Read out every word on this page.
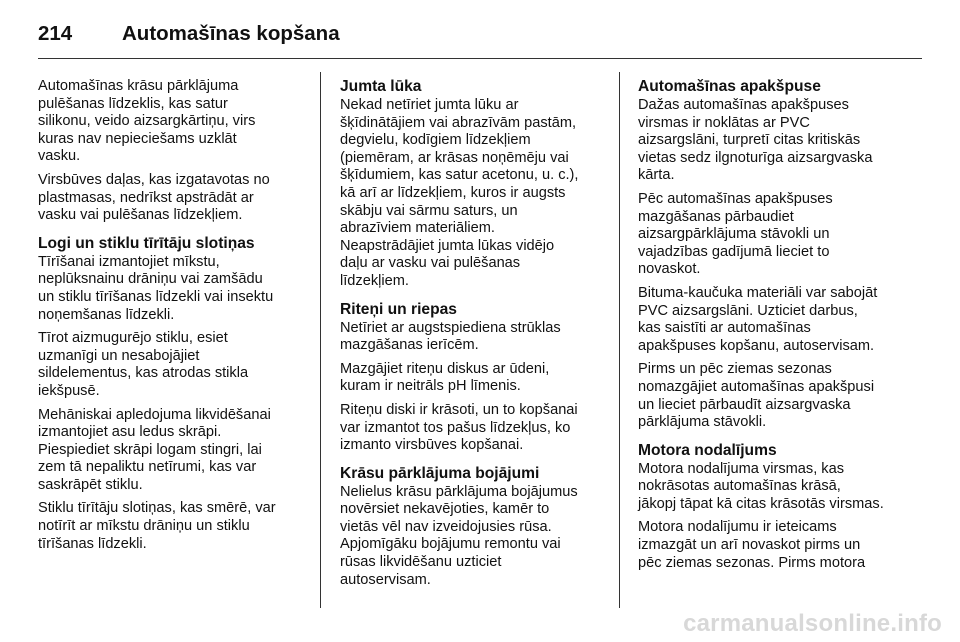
214	Automašīnas kopšana

Automašīnas krāsu pārklājuma
pulēšanas līdzeklis, kas satur
silikonu, veido aizsargkārtiņu, virs
kuras nav nepieciešams uzklāt
vasku.

Virsbūves daļas, kas izgatavotas no
plastmasas, nedrīkst apstrādāt ar
vasku vai pulēšanas līdzekļiem.

Logi un stiklu tīrītāju slotiņas

Tīrīšanai izmantojiet mīkstu,
neplūksnainu drāniņu vai zamšādu
un stiklu tīrīšanas līdzekli vai insektu
noņemšanas līdzekli.

Tīrot aizmugurējo stiklu, esiet
uzmanīgi un nesabojājiet
sildelementus, kas atrodas stikla
iekšpusē.

Mehāniskai apledojuma likvidēšanai
izmantojiet asu ledus skrāpi.
Piespiediet skrāpi logam stingri, lai
zem tā nepaliktu netīrumi, kas var
saskrāpēt stiklu.

Stiklu tīrītāju slotiņas, kas smērē, var
notīrīt ar mīkstu drāniņu un stiklu
tīrīšanas līdzekli.

Jumta lūka

Nekad netīriet jumta lūku ar
šķīdinātājiem vai abrazīvām pastām,
degvielu, kodīgiem līdzekļiem
(piemēram, ar krāsas noņēmēju vai
šķīdumiem, kas satur acetonu, u. c.),
kā arī ar līdzekļiem, kuros ir augsts
skābju vai sārmu saturs, un
abrazīviem materiāliem.
Neapstrādājiet jumta lūkas vidējo
daļu ar vasku vai pulēšanas
līdzekļiem.

Riteņi un riepas

Netīriet ar augstspiediena strūklas
mazgāšanas ierīcēm.

Mazgājiet riteņu diskus ar ūdeni,
kuram ir neitrāls pH līmenis.

Riteņu diski ir krāsoti, un to kopšanai
var izmantot tos pašus līdzekļus, ko
izmanto virsbūves kopšanai.

Krāsu pārklājuma bojājumi

Nelielus krāsu pārklājuma bojājumus
novērsiet nekavējoties, kamēr to
vietās vēl nav izveidojusies rūsa.
Apjomīgāku bojājumu remontu vai
rūsas likvidēšanu uzticiet
autoservisam.

Automašīnas apakšpuse

Dažas automašīnas apakšpuses
virsmas ir noklātas ar PVC
aizsargslāni, turpretī citas kritiskās
vietas sedz ilgnoturīga aizsargvaska
kārta.

Pēc automašīnas apakšpuses
mazgāšanas pārbaudiet
aizsargpārklājuma stāvokli un
vajadzības gadījumā lieciet to
novaskot.

Bituma-kaučuka materiāli var sabojāt
PVC aizsargslāni. Uzticiet darbus,
kas saistīti ar automašīnas
apakšpuses kopšanu, autoservisam.

Pirms un pēc ziemas sezonas
nomazgājiet automašīnas apakšpusi
un lieciet pārbaudīt aizsargvaska
pārklājuma stāvokli.

Motora nodalījums

Motora nodalījuma virsmas, kas
nokrāsotas automašīnas krāsā,
jākopj tāpat kā citas krāsotās virsmas.

Motora nodalījumu ir ieteicams
izmazgāt un arī novaskot pirms un
pēc ziemas sezonas. Pirms motora

carmanualsonline.info
